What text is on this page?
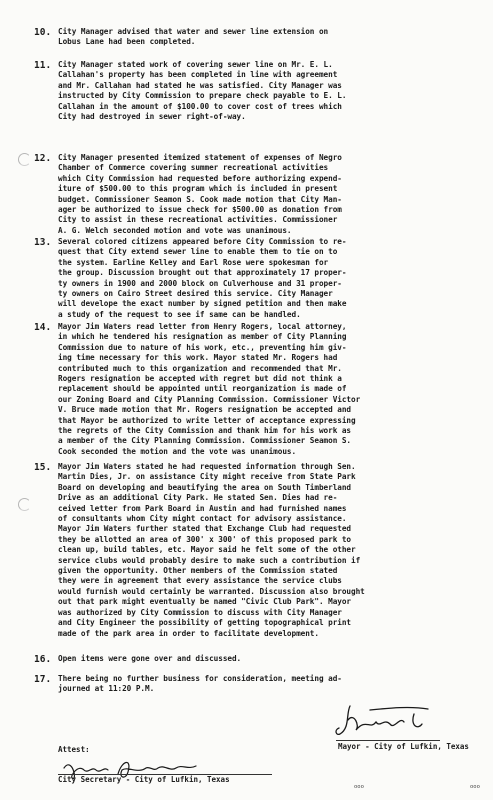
10. City Manager advised that water and sewer line extension on
Lobus Lane had been completed.
11. City Manager stated work of covering sewer line on Mr. E. L.
Callahan's property has been completed in line with agreement
and Mr. Callahan had stated he was satisfied. City Manager was
instructed by City Commission to prepare check payable to E. L.
Callahan in the amount of $100.00 to cover cost of trees which
City had destroyed in sewer right-of-way.
12. City Manager presented itemized statement of expenses of Negro
Chamber of Commerce covering summer recreational activities
which City Commission had requested before authorizing expend-
iture of $500.00 to this program which is included in present
budget. Commissioner Seamon S. Cook made motion that City Man-
ager be authorized to issue check for $500.00 as donation from
City to assist in these recreational activities. Commissioner
A. G. Welch seconded motion and vote was unanimous.
13. Several colored citizens appeared before City Commission to re-
quest that City extend sewer line to enable them to tie on to
the system. Earline Kelley and Earl Rose were spokesman for
the group. Discussion brought out that approximately 17 proper-
ty owners in 1900 and 2000 block on Culverhouse and 31 proper-
ty owners on Cairo Street desired this service. City Manager
will develope the exact number by signed petition and then make
a study of the request to see if same can be handled.
14. Mayor Jim Waters read letter from Henry Rogers, local attorney,
in which he tendered his resignation as member of City Planning
Commission due to nature of his work, etc., preventing him giv-
ing time necessary for this work. Mayor stated Mr. Rogers had
contributed much to this organization and recommended that Mr.
Rogers resignation be accepted with regret but did not think a
replacement should be appointed until reorganization is made of
our Zoning Board and City Planning Commission. Commissioner Victor
V. Bruce made motion that Mr. Rogers resignation be accepted and
that Mayor be authorized to write letter of acceptance expressing
the regrets of the City Commission and thank him for his work as
a member of the City Planning Commission. Commissioner Seamon S.
Cook seconded the motion and the vote was unanimous.
15. Mayor Jim Waters stated he had requested information through Sen.
Martin Dies, Jr. on assistance City might receive from State Park
Board on developing and beautifying the area on South Timberland
Drive as an additional City Park. He stated Sen. Dies had re-
ceived letter from Park Board in Austin and had furnished names
of consultants whom City might contact for advisory assistance.
Mayor Jim Waters further stated that Exchange Club had requested
they be allotted an area of 300' x 300' of this proposed park to
clean up, build tables, etc. Mayor said he felt some of the other
service clubs would probably desire to make such a contribution if
given the opportunity. Other members of the Commission stated
they were in agreement that every assistance the service clubs
would furnish would certainly be warranted. Discussion also brought
out that park might eventually be named "Civic Club Park". Mayor
was authorized by City Commission to discuss with City Manager
and City Engineer the possibility of getting topographical print
made of the park area in order to facilitate development.
16. Open items were gone over and discussed.
17. There being no further business for consideration, meeting ad-
journed at 11:20 P.M.
Mayor - City of Lufkin, Texas
Attest:
City Secretary - City of Lufkin, Texas
ooo	ooo
